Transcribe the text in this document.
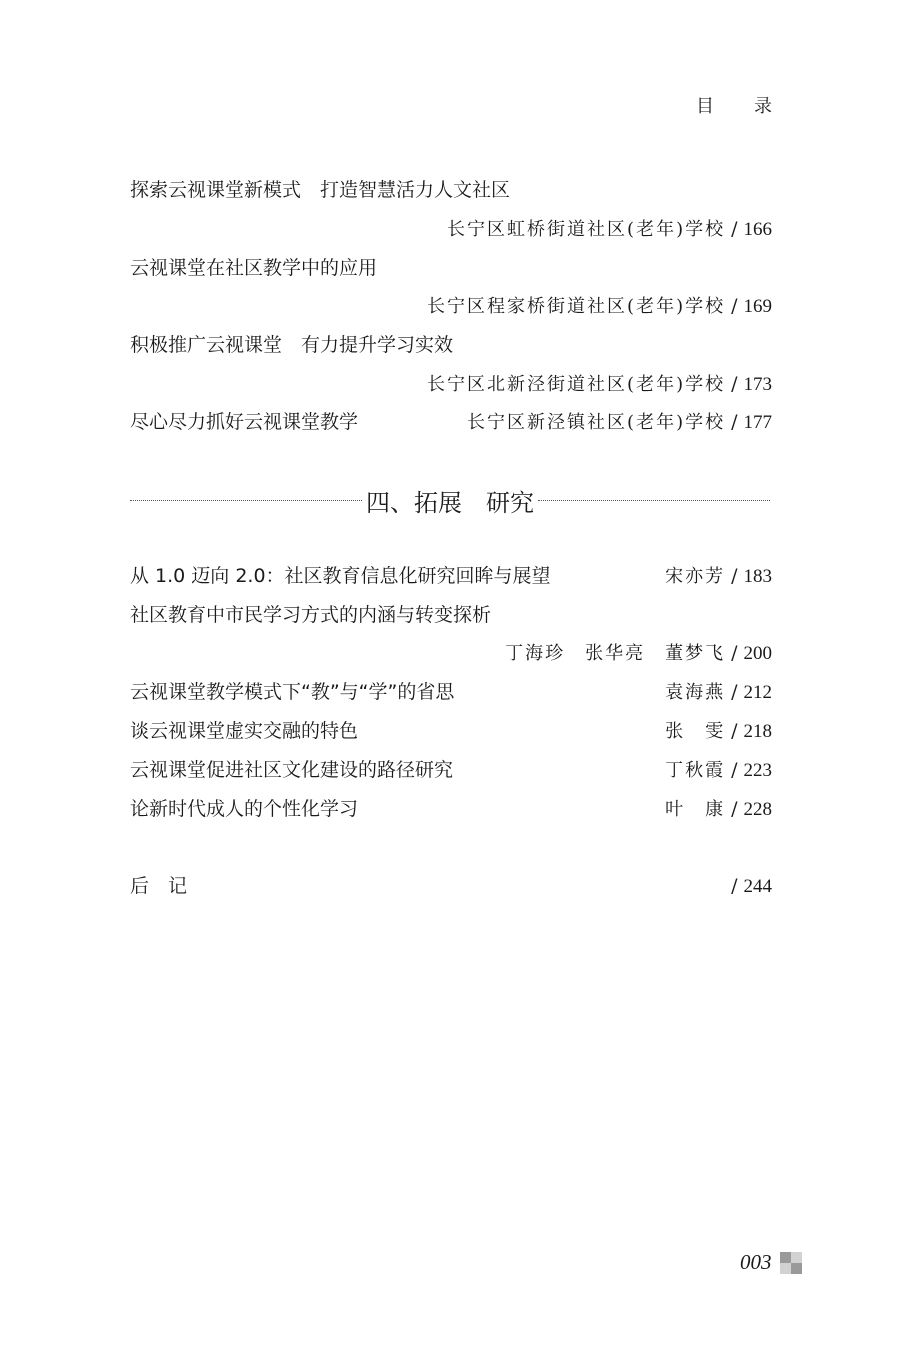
目 录
探索云视课堂新模式　打造智慧活力人文社区
长宁区虹桥街道社区(老年)学校 / 166
云视课堂在社区教学中的应用
长宁区程家桥街道社区(老年)学校 / 169
积极推广云视课堂　有力提升学习实效
长宁区北新泾街道社区(老年)学校 / 173
尽心尽力抓好云视课堂教学	长宁区新泾镇社区(老年)学校 / 177
四、拓展　研究
从 1.0 迈向 2.0：社区教育信息化研究回眸与展望	宋亦芳 / 183
社区教育中市民学习方式的内涵与转变探析
丁海珍　张华亮　董梦飞 / 200
云视课堂教学模式下“教”与“学”的省思	袁海燕 / 212
谈云视课堂虚实交融的特色	张　雯 / 218
云视课堂促进社区文化建设的路径研究	丁秋霞 / 223
论新时代成人的个性化学习	叶　康 / 228
后　记	/ 244
003
